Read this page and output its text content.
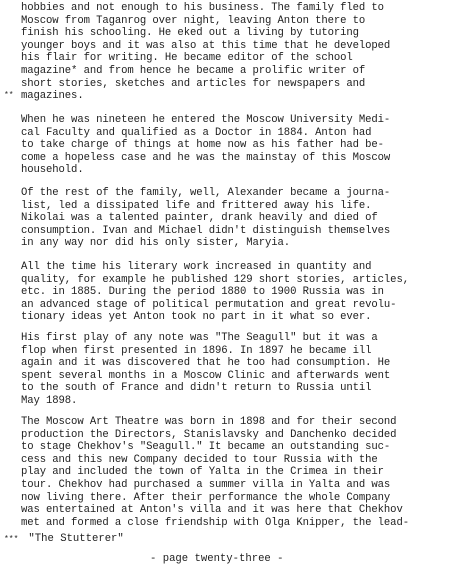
**
hobbies and not enough to his business. The family fled to
Moscow from Taganrog over night, leaving Anton there to
finish his schooling. He eked out a living by tutoring
younger boys and it was also at this time that he developed
his flair for writing. He became editor of the school
magazine* and from hence he became a prolific writer of
short stories, sketches and articles for newspapers and
magazines.
When he was nineteen he entered the Moscow University Medi-
cal Faculty and qualified as a Doctor in 1884. Anton had
to take charge of things at home now as his father had be-
come a hopeless case and he was the mainstay of this Moscow
household.
Of the rest of the family, well, Alexander became a journa-
list, led a dissipated life and frittered away his life.
Nikolai was a talented painter, drank heavily and died of
consumption. Ivan and Michael didn't distinguish themselves
in any way nor did his only sister, Maryia.
All the time his literary work increased in quantity and
quality, for example he published 129 short stories, articles,
etc. in 1885. During the period 1880 to 1900 Russia was in
an advanced stage of political permutation and great revolu-
tionary ideas yet Anton took no part in it what so ever.
His first play of any note was "The Seagull" but it was a
flop when first presented in 1896. In 1897 he became ill
again and it was discovered that he too had consumption. He
spent several months in a Moscow Clinic and afterwards went
to the south of France and didn't return to Russia until
May 1898.
The Moscow Art Theatre was born in 1898 and for their second
production the Directors, Stanislavsky and Danchenko decided
to stage Chekhov's "Seagull." It became an outstanding suc-
cess and this new Company decided to tour Russia with the
play and included the town of Yalta in the Crimea in their
tour. Chekhov had purchased a summer villa in Yalta and was
now living there. After their performance the whole Company
was entertained at Anton's villa and it was here that Chekhov
met and formed a close friendship with Olga Knipper, the lead-
*** "The Stutterer"
- page twenty-three -
